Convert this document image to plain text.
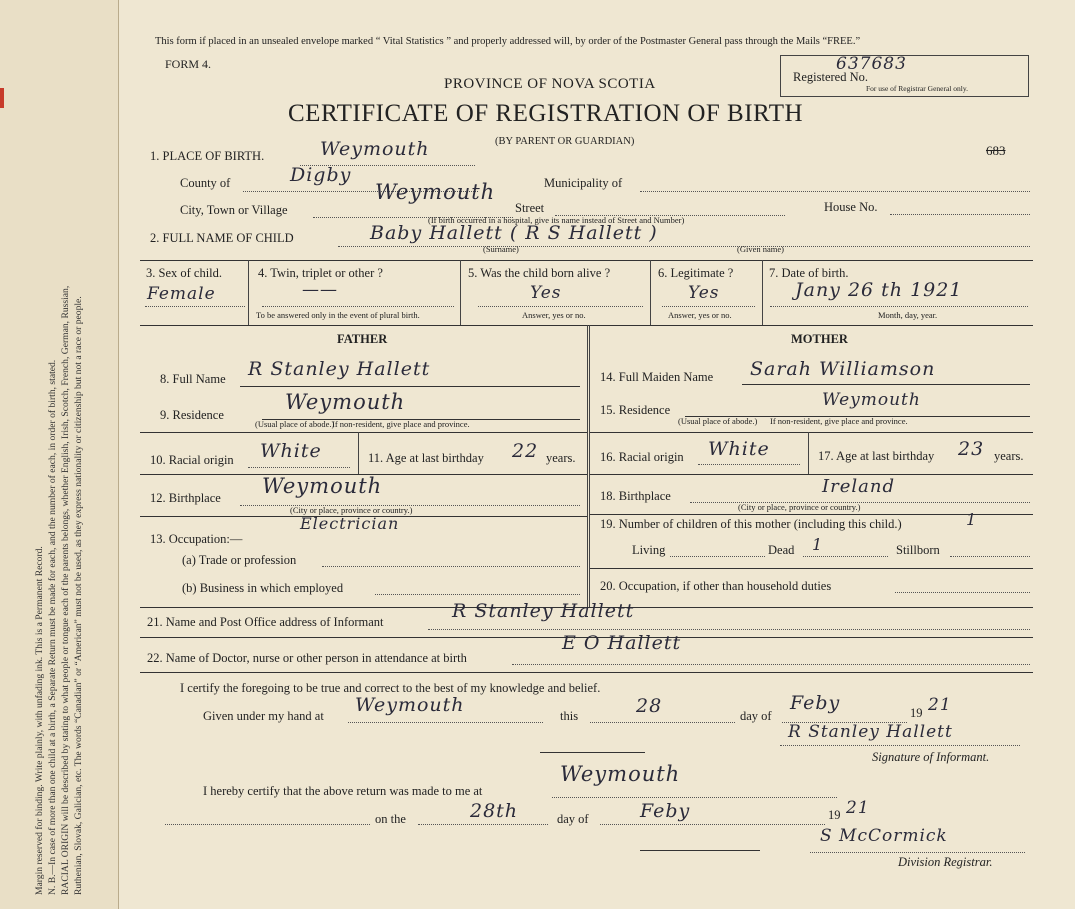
Margin reserved for binding. Write plainly, with unfading ink. This is a Permanent Record. N. B.—In case of more than one child at a birth, a Separate Return must be made for each, and the number of each, in order of birth, stated. RACIAL ORIGIN will be described by stating to what people or tongue each of the parents belongs, whether English, Irish, Scotch, French, German, Russian, Ruthenian, Slovak, Galician, etc. The words “Canadian” or “American” must not be used, as they express nationality or citizenship but not a race or people.
This form if placed in an unsealed envelope marked “ Vital Statistics ” and properly addressed will, by order of the Postmaster General pass through the Mails “FREE.”
FORM 4.
PROVINCE OF NOVA SCOTIA
CERTIFICATE OF REGISTRATION OF BIRTH
(BY PARENT OR GUARDIAN)
Registered No.
637683
For use of Registrar General only.
683
1. PLACE OF BIRTH.	Weymouth
County of	Digby	Municipality of
City, Town or Village
Weymouth
Street	House No.
(If birth occurred in a hospital, give its name instead of Street and Number)
2. FULL NAME OF CHILD	Baby Hallett ( R S Hallett )
(Surname)	(Given name)
3. Sex of child.
Female
4. Twin, triplet or other ?
——
To be answered only in the event of plural birth.
5. Was the child born alive ?
Yes
Answer, yes or no.
6. Legitimate ?
Yes
Answer, yes or no.
7. Date of birth.
Jany 26 th 1921
Month, day, year.
FATHER	MOTHER
8. Full Name R Stanley Hallett
9. Residence
Weymouth
(Usual place of abode.)
If non-resident, give place and province.
10. Racial origin White	11. Age at last birthday 22 years.
12. Birthplace Weymouth
(City or place, province or country.)
13. Occupation:—
Electrician
(a) Trade or profession
(b) Business in which employed
14. Full Maiden Name Sarah Williamson
15. Residence	Weymouth
(Usual place of abode.) If non-resident, give place and province.
16. Racial origin White	17. Age at last birthday 23 years.
18. Birthplace	Ireland
(City or place, province or country.)
19. Number of children of this mother (including this child.)	1
Living	Dead 1	Stillborn
20. Occupation, if other than household duties
21. Name and Post Office address of Informant	R Stanley Hallett
22. Name of Doctor, nurse or other person in attendance at birth
E O Hallett
I certify the foregoing to be true and correct to the best of my knowledge and belief.
Given under my hand at Weymouth	this	28	day of
Feby	19 21
R Stanley Hallett
Signature of Informant.
I hereby certify that the above return was made to me at
Weymouth
on the	28th	day of	Feby	19 21
S McCormick
Division Registrar.
